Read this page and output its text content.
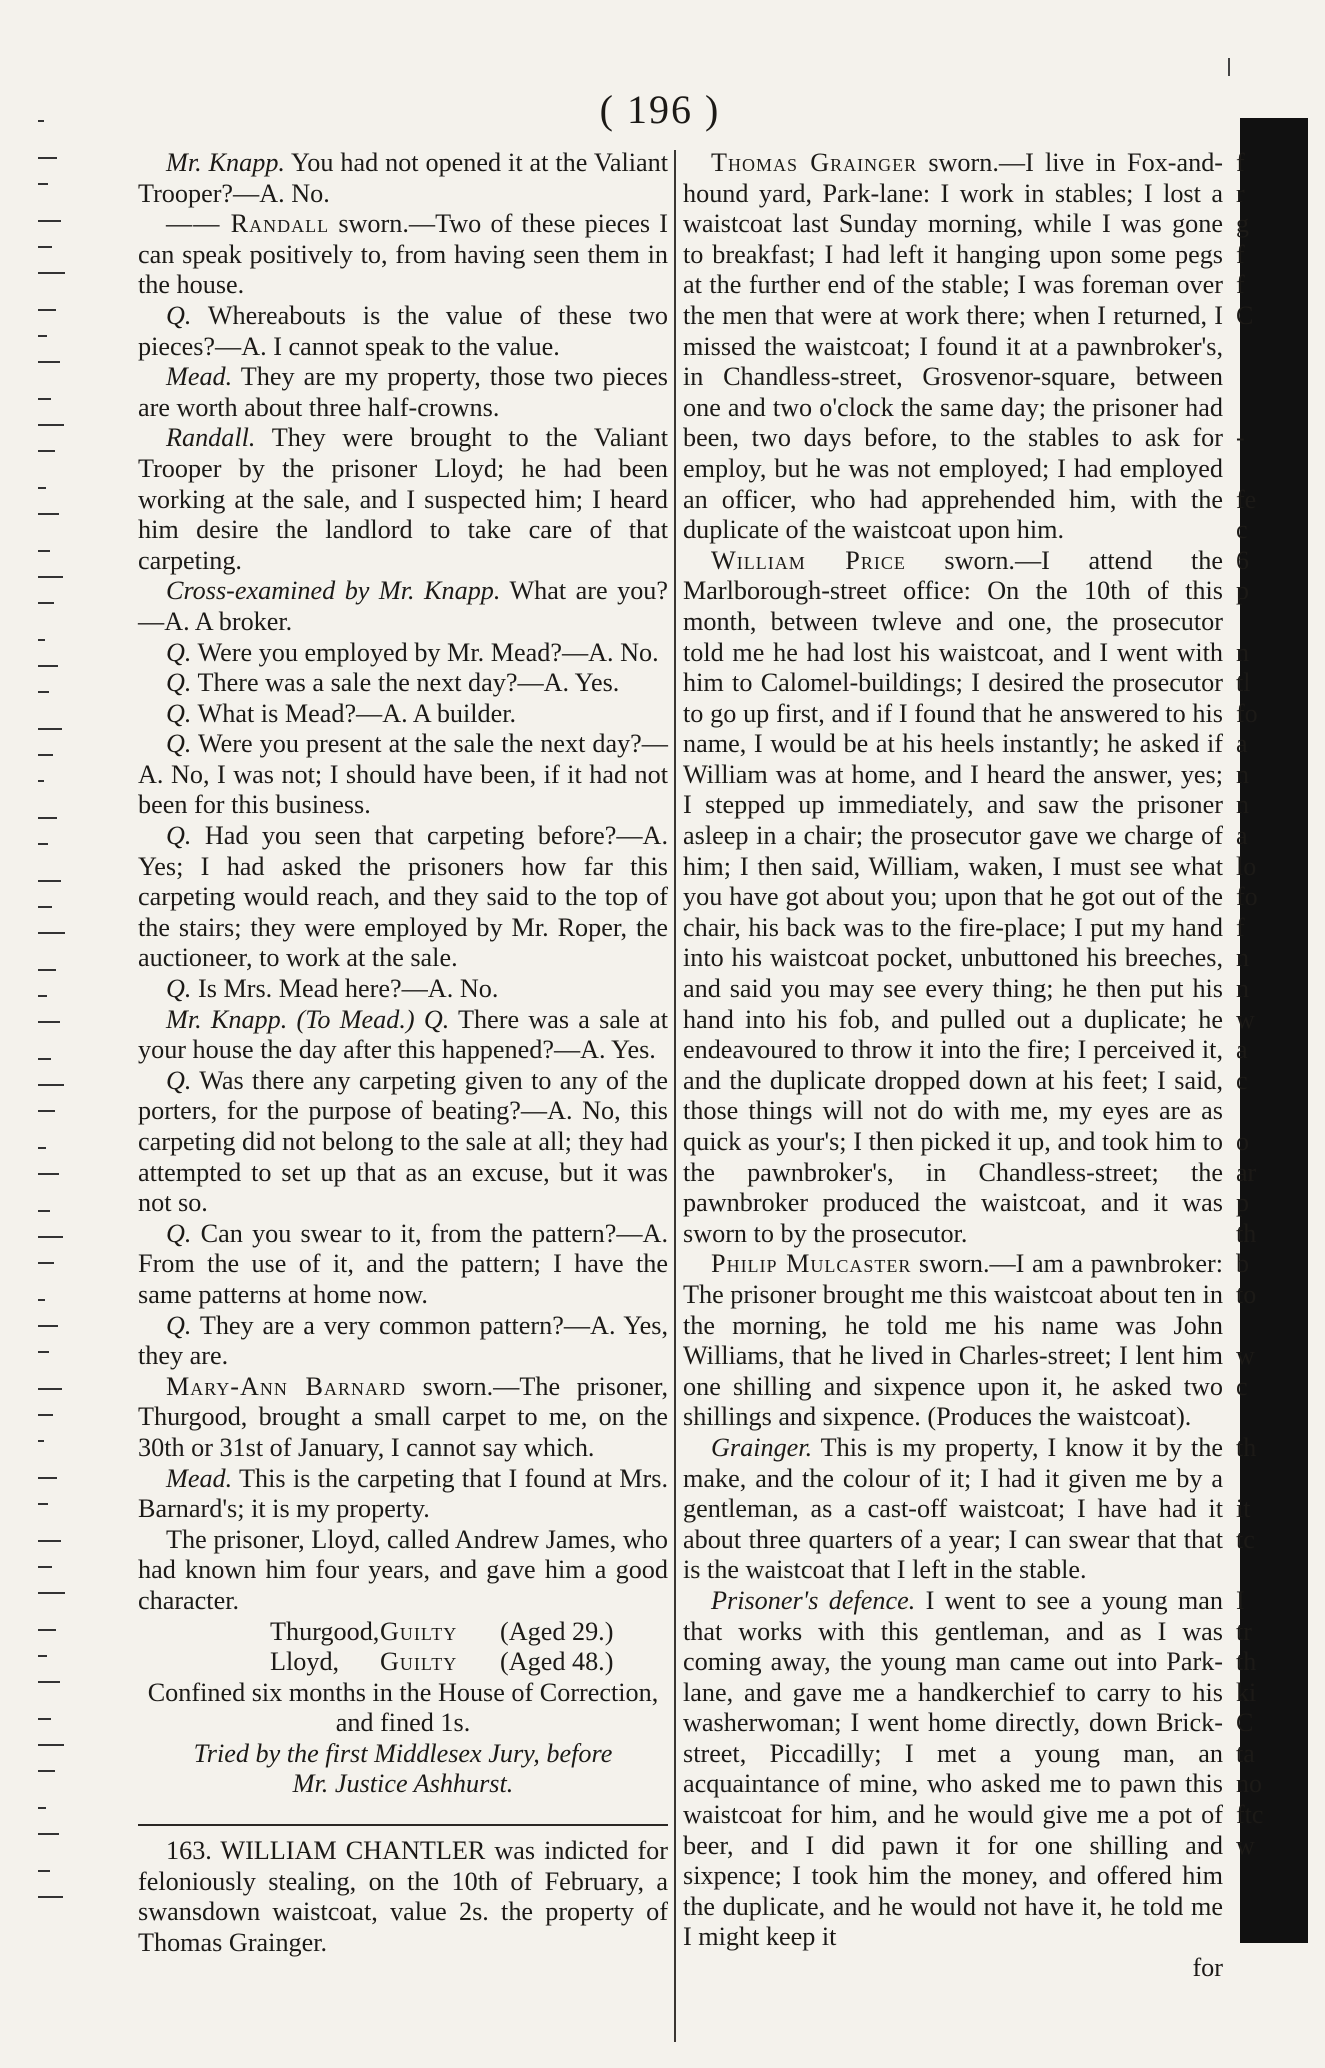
( 196 )

Mr. Knapp. You had not opened it at the Valiant Trooper?—A. No.

—— Randall sworn.—Two of these pieces I can speak positively to, from having seen them in the house.

Q. Whereabouts is the value of these two pieces?—A. I cannot speak to the value.

Mead. They are my property, those two pieces are worth about three half-crowns.

Randall. They were brought to the Valiant Trooper by the prisoner Lloyd; he had been working at the sale, and I suspected him; I heard him desire the landlord to take care of that carpeting.

Cross-examined by Mr. Knapp. What are you?—A. A broker.

Q. Were you employed by Mr. Mead?—A. No.

Q. There was a sale the next day?—A. Yes.

Q. What is Mead?—A. A builder.

Q. Were you present at the sale the next day?—A. No, I was not; I should have been, if it had not been for this business.

Q. Had you seen that carpeting before?—A. Yes; I had asked the prisoners how far this carpeting would reach, and they said to the top of the stairs; they were employed by Mr. Roper, the auctioneer, to work at the sale.

Q. Is Mrs. Mead here?—A. No.

Mr. Knapp. (To Mead.) Q. There was a sale at your house the day after this happened?—A. Yes.

Q. Was there any carpeting given to any of the porters, for the purpose of beating?—A. No, this carpeting did not belong to the sale at all; they had attempted to set up that as an excuse, but it was not so.

Q. Can you swear to it, from the pattern?—A. From the use of it, and the pattern; I have the same patterns at home now.

Q. They are a very common pattern?—A. Yes, they are.

Mary-Ann Barnard sworn.—The prisoner, Thurgood, brought a small carpet to me, on the 30th or 31st of January, I cannot say which.

Mead. This is the carpeting that I found at Mrs. Barnard's; it is my property.

The prisoner, Lloyd, called Andrew James, who had known him four years, and gave him a good character.

Thurgood,Guilty (Aged 29.)

Lloyd, Guilty (Aged 48.)

Confined six months in the House of Correction, and fined 1s.

Tried by the first Middlesex Jury, before

Mr. Justice Ashhurst.

163. WILLIAM CHANTLER was indicted for feloniously stealing, on the 10th of February, a swansdown waistcoat, value 2s. the property of Thomas Grainger.

Thomas Grainger sworn.—I live in Fox-and-hound yard, Park-lane: I work in stables; I lost a waistcoat last Sunday morning, while I was gone to breakfast; I had left it hanging upon some pegs at the further end of the stable; I was foreman over the men that were at work there; when I returned, I missed the waistcoat; I found it at a pawnbroker's, in Chandless-street, Grosvenor-square, between one and two o'clock the same day; the prisoner had been, two days before, to the stables to ask for employ, but he was not employed; I had employed an officer, who had apprehended him, with the duplicate of the waistcoat upon him.

William Price sworn.—I attend the Marlborough-street office: On the 10th of this month, between twleve and one, the prosecutor told me he had lost his waistcoat, and I went with him to Calomel-buildings; I desired the prosecutor to go up first, and if I found that he answered to his name, I would be at his heels instantly; he asked if William was at home, and I heard the answer, yes; I stepped up immediately, and saw the prisoner asleep in a chair; the prosecutor gave we charge of him; I then said, William, waken, I must see what you have got about you; upon that he got out of the chair, his back was to the fire-place; I put my hand into his waistcoat pocket, unbuttoned his breeches, and said you may see every thing; he then put his hand into his fob, and pulled out a duplicate; he endeavoured to throw it into the fire; I perceived it, and the duplicate dropped down at his feet; I said, those things will not do with me, my eyes are as quick as your's; I then picked it up, and took him to the pawnbroker's, in Chandless-street; the pawnbroker produced the waistcoat, and it was sworn to by the prosecutor.

Philip Mulcaster sworn.—I am a pawnbroker: The prisoner brought me this waistcoat about ten in the morning, he told me his name was John Williams, that he lived in Charles-street; I lent him one shilling and sixpence upon it, he asked two shillings and sixpence. (Produces the waistcoat).

Grainger. This is my property, I know it by the make, and the colour of it; I had it given me by a gentleman, as a cast-off waistcoat; I have had it about three quarters of a year; I can swear that that is the waistcoat that I left in the stable.

Prisoner's defence. I went to see a young man that works with this gentleman, and as I was coming away, the young man came out into Park-lane, and gave me a handkerchief to carry to his washerwoman; I went home directly, down Brick-street, Piccadilly; I met a young man, an acquaintance of mine, who asked me to pawn this waistcoat for him, and he would give me a pot of beer, and I did pawn it for one shilling and sixpence; I took him the money, and offered him the duplicate, and he would not have it, he told me I might keep it

for

f
r
g
f
f
C

-

fe
c
6
p

n
tl
fo
a
n
n
a
lo
fo
f
n
n
w
a
c

o
ar
p
th
b
to

w
c

th

it
tc

I
tr
th
ki
C
ta
no
ftc
w
